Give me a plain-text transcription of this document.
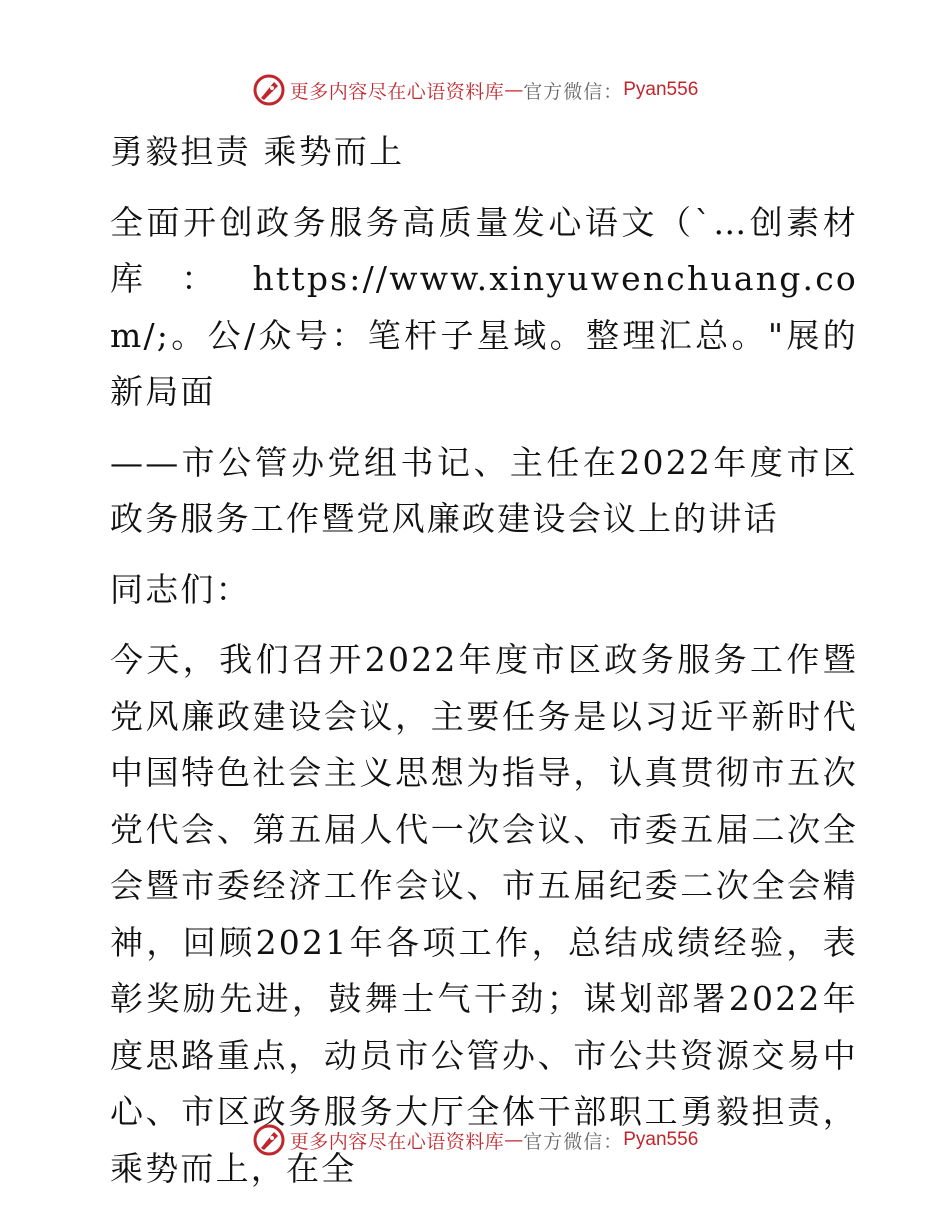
更多内容尽在心语资料库 — 官方微信： Pyan556

勇毅担责 乘势而上

全面开创政务服务高质量发心语文（`…创素材库：https://www.xinyuwenchuang.com/;。公/众号：笔杆子星域。整理汇总。"展的新局面

——市公管办党组书记、主任在2022年度市区政务服务工作暨党风廉政建设会议上的讲话

同志们：

今天，我们召开2022年度市区政务服务工作暨党风廉政建设会议，主要任务是以习近平新时代中国特色社会主义思想为指导，认真贯彻市五次党代会、第五届人代一次会议、市委五届二次全会暨市委经济工作会议、市五届纪委二次全会精神，回顾2021年各项工作，总结成绩经验，表彰奖励先进，鼓舞士气干劲；谋划部署2022年度思路重点，动员市公管办、市公共资源交易中心、市区政务服务大厅全体干部职工勇毅担责，乘势而上，在全

更多内容尽在心语资料库 — 官方微信： Pyan556
